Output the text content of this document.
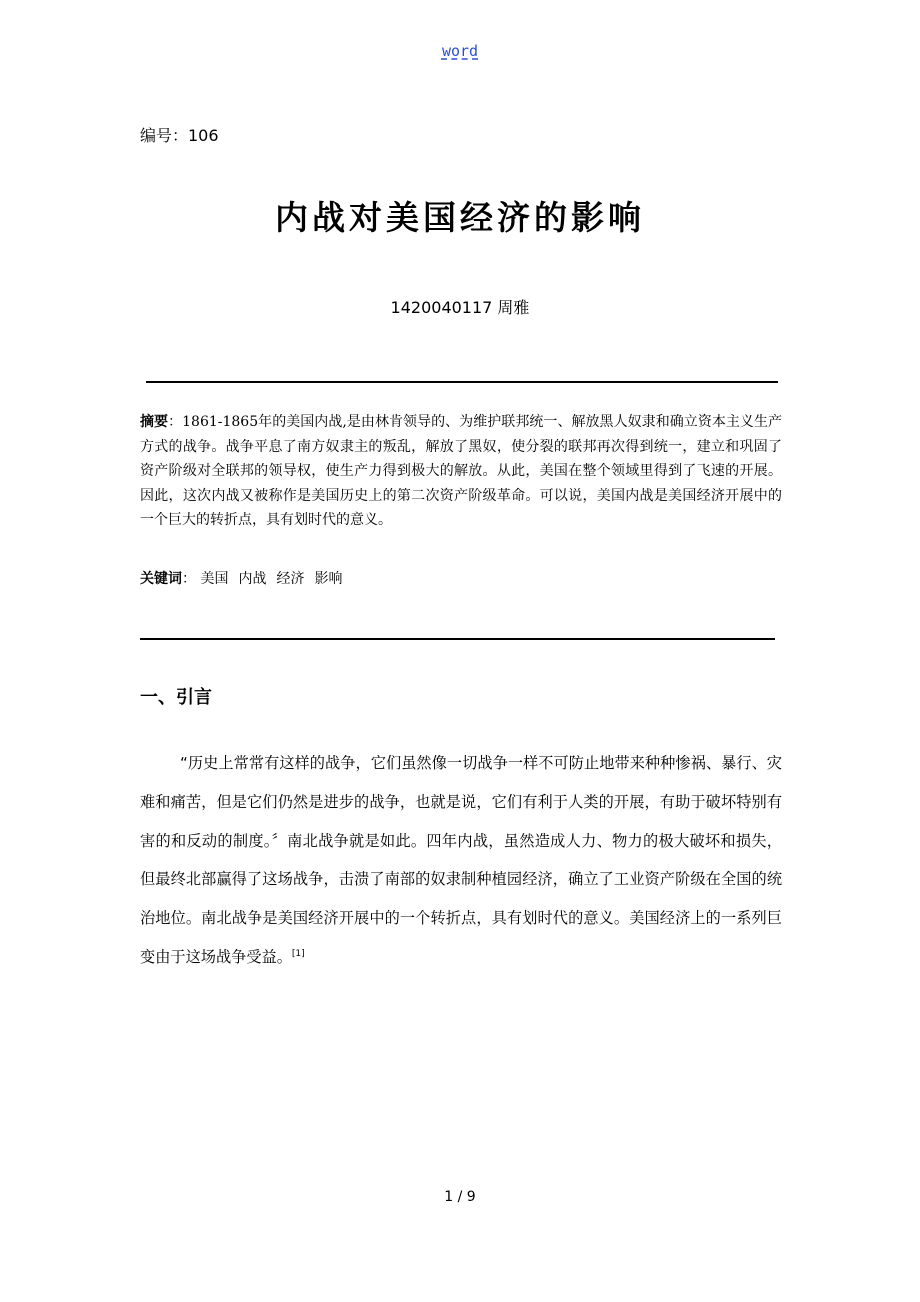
word
编号：106
内战对美国经济的影响
1420040117 周雅
摘要：1861-1865年的美国内战,是由林肯领导的、为维护联邦统一、解放黑人奴隶和确立资本主义生产方式的战争。战争平息了南方奴隶主的叛乱，解放了黑奴，使分裂的联邦再次得到统一，建立和巩固了资产阶级对全联邦的领导权，使生产力得到极大的解放。从此，美国在整个领域里得到了飞速的开展。因此，这次内战又被称作是美国历史上的第二次资产阶级革命。可以说，美国内战是美国经济开展中的一个巨大的转折点，具有划时代的意义。
关键词： 美国 内战 经济 影响
一、引言
“历史上常常有这样的战争，它们虽然像一切战争一样不可防止地带来种种惨祸、暴行、灾难和痛苦，但是它们仍然是进步的战争，也就是说，它们有利于人类的开展，有助于破坏特别有害的和反动的制度。〞南北战争就是如此。四年内战，虽然造成人力、物力的极大破坏和损失，但最终北部赢得了这场战争，击溃了南部的奴隶制种植园经济，确立了工业资产阶级在全国的统治地位。南北战争是美国经济开展中的一个转折点，具有划时代的意义。美国经济上的一系列巨变由于这场战争受益。[1]
1 / 9
